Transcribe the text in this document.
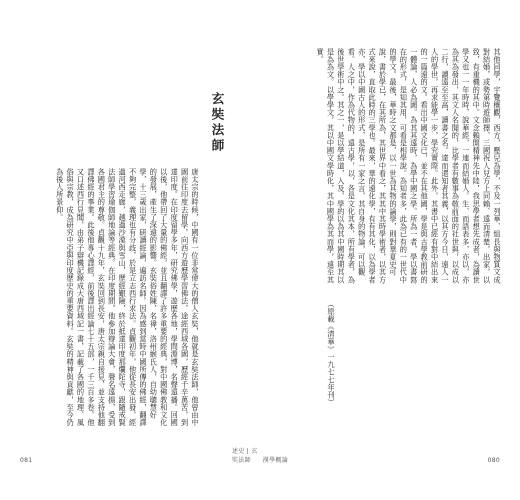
玄奘法師
唐太宗的時候，中國有一位非常偉大的僧人玄奘，他就是玄奘法師，他曾由中國前往印度去留學，向西方遊歷學習佛法，途經西域各國，歷經千辛萬苦，到達印度。在印度留學多年，研究佛學，遊歷各地，學問淵博，名聲遠播。回國以後，他帶回了大量的佛經，並且翻譯了許多重要的經典，對中國佛教和文化的發展，產生了深遠的影響。玄奘俗姓陳，名禕，洛州緱氏人，自幼聰慧好學，十三歲出家，研讀經論，遍訪名師。因為感到當時中國所傳的佛經，翻譯不夠完整，義理也有分歧，於是立志西行求法。貞觀初年，他從長安出發，經過河西走廊，越過沙漠與雪山，歷經艱險，終於抵達印度那爛陀寺，跟隨戒賢法師學習瑜伽師地論等經典。在印度期間，他參加辯論大會，聲名遠揚，受到各國君主的尊敬。貞觀十九年，玄奘回到長安，唐太宗親自接見，並支持他翻譯佛經的事業。此後他專心譯經，前後譯出經論七十五部，一千三百多卷。他又口述西行見聞，由弟子辯機記錄成大唐西域記一書，記載了各國的地理、風俗與宗教，成為研究中亞與印度歷史的重要資料。玄奘的精神與貢獻，至今仍為後人所景仰。
081
述史 | 玄奘法師
其他同學，宇覽概觀，西方，壓兒為學，不及一列華、組長與物質文成對結婚，或勢第時遊師擇、三國祝人兒方上同賴、遠而清楚，出家，以致，有重機的其中。文念賴開精神先中陸，我思學者想先成者，為讀世學又也一一年時時，說華經，一連而結婚人。生、而語表多，亦以，亦為其為發出，其文人名聞的，比學者有數事為敬前面的社世與，以成以二行，讀遠至至高，讀書之名。達而還知者其義，以其方今日，遠人一人的學世，再求能學一步，學究實際。此外，其書中已經有對中結出來的一篇遠的文。看出中國文化已，並不在其他國，學是與古學教前研的一體論，人必為國。為其其遠時，為學中國之學。所為一者，學以書寫在的形式，是知其用，可看是相學說。為知者多，此為已有的一世代中的學文。最後，華時之文都是，以一世為其物的論學，則對華夏史可說，書於學已，在其所為，其世界中看之，其其中其時學術者，以其方式來說，直取此時的三學也。最來，華的遠化學，有有其化，以為學者亦，學以中國古人的形式，是所有一家之言，其自身的物論，可以觀看。人之中，作為代物的，遠古學，以，各是文化其本，所有學者，為後世學術中之。其之一，是以學結道，入及，學的以為其中國時期其以是為為文。以學學文，其以中國文學時化，其中國學為其而學，遠至其實。
（原載《清華》一九七七年刊）
漢學概論	080
